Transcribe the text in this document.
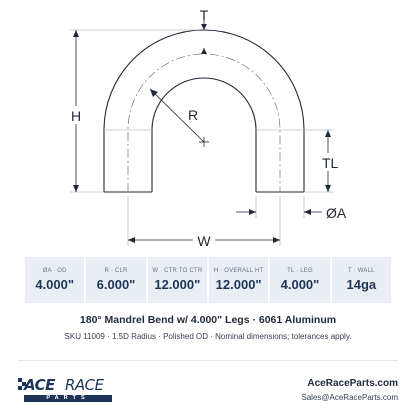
R
T
H
TL
ØA
W
ØA · OD
4.000"
R · CLR
6.000"
W · CTR TO CTR
12.000"
H · OVERALL HT
12.000"
TL · LEG
4.000"
T · WALL
14ga
180° Mandrel Bend w/ 4.000" Legs · 6061 Aluminum
SKU 11009 · 1.5D Radius · Polished OD · Nominal dimensions; tolerances apply.
ACE RACE
PARTS
AceRaceParts.com
Sales@AceRaceParts.com
